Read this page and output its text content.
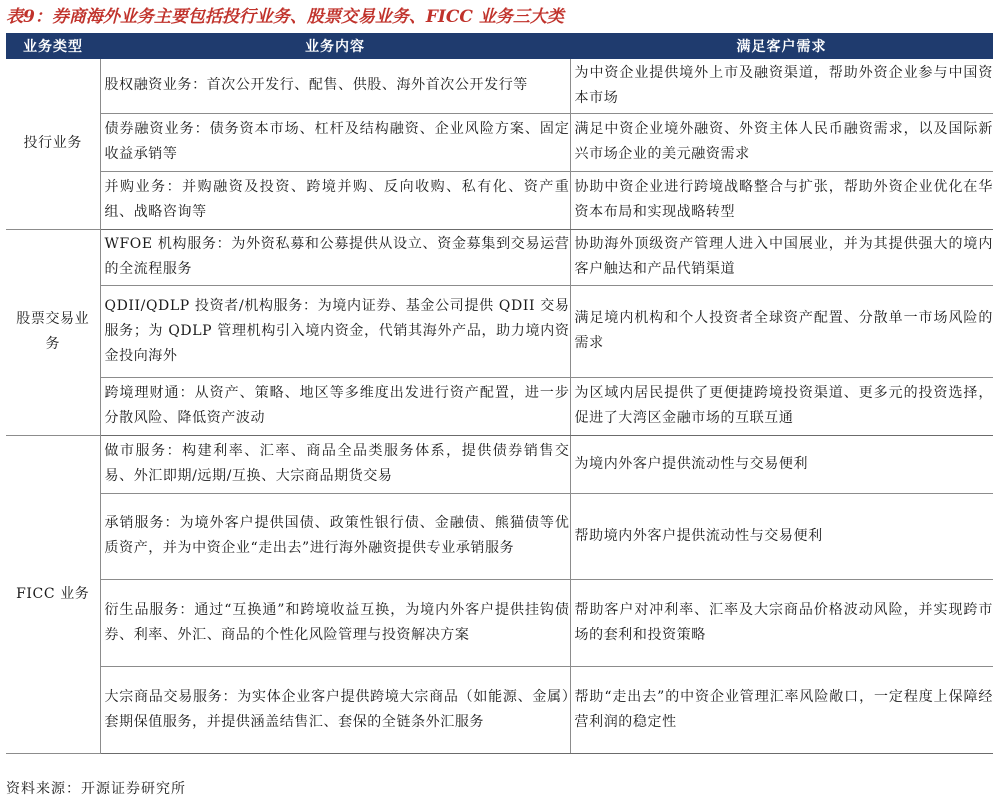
表9：券商海外业务主要包括投行业务、股票交易业务、FICC 业务三大类
业务类型	业务内容	满足客户需求
投行业务	股权融资业务：首次公开发行、配售、供股、海外首次公开发行等	为中资企业提供境外上市及融资渠道，帮助外资企业参与中国资本市场

	债券融资业务：债务资本市场、杠杆及结构融资、企业风险方案、固定收益承销等	满足中资企业境外融资、外资主体人民币融资需求，以及国际新兴市场企业的美元融资需求

	并购业务：并购融资及投资、跨境并购、反向收购、私有化、资产重组、战略咨询等	协助中资企业进行跨境战略整合与扩张，帮助外资企业优化在华资本布局和实现战略转型

股票交易业务	WFOE 机构服务：为外资私募和公募提供从设立、资金募集到交易运营的全流程服务	协助海外顶级资产管理人进入中国展业，并为其提供强大的境内客户触达和产品代销渠道

	QDII/QDLP 投资者/机构服务：为境内证券、基金公司提供 QDII 交易服务；为 QDLP 管理机构引入境内资金，代销其海外产品，助力境内资金投向海外	满足境内机构和个人投资者全球资产配置、分散单一市场风险的需求

	跨境理财通：从资产、策略、地区等多维度出发进行资产配置，进一步分散风险、降低资产波动	为区域内居民提供了更便捷跨境投资渠道、更多元的投资选择，促进了大湾区金融市场的互联互通

FICC 业务	做市服务：构建利率、汇率、商品全品类服务体系，提供债券销售交易、外汇即期/远期/互换、大宗商品期货交易	为境内外客户提供流动性与交易便利

	承销服务：为境外客户提供国债、政策性银行债、金融债、熊猫债等优质资产，并为中资企业“走出去”进行海外融资提供专业承销服务	帮助境内外客户提供流动性与交易便利

	衍生品服务：通过“互换通”和跨境收益互换，为境内外客户提供挂钩债券、利率、外汇、商品的个性化风险管理与投资解决方案	帮助客户对冲利率、汇率及大宗商品价格波动风险，并实现跨市场的套利和投资策略

	大宗商品交易服务：为实体企业客户提供跨境大宗商品（如能源、金属）套期保值服务，并提供涵盖结售汇、套保的全链条外汇服务	帮助“走出去”的中资企业管理汇率风险敞口，一定程度上保障经营利润的稳定性
资料来源：开源证券研究所
